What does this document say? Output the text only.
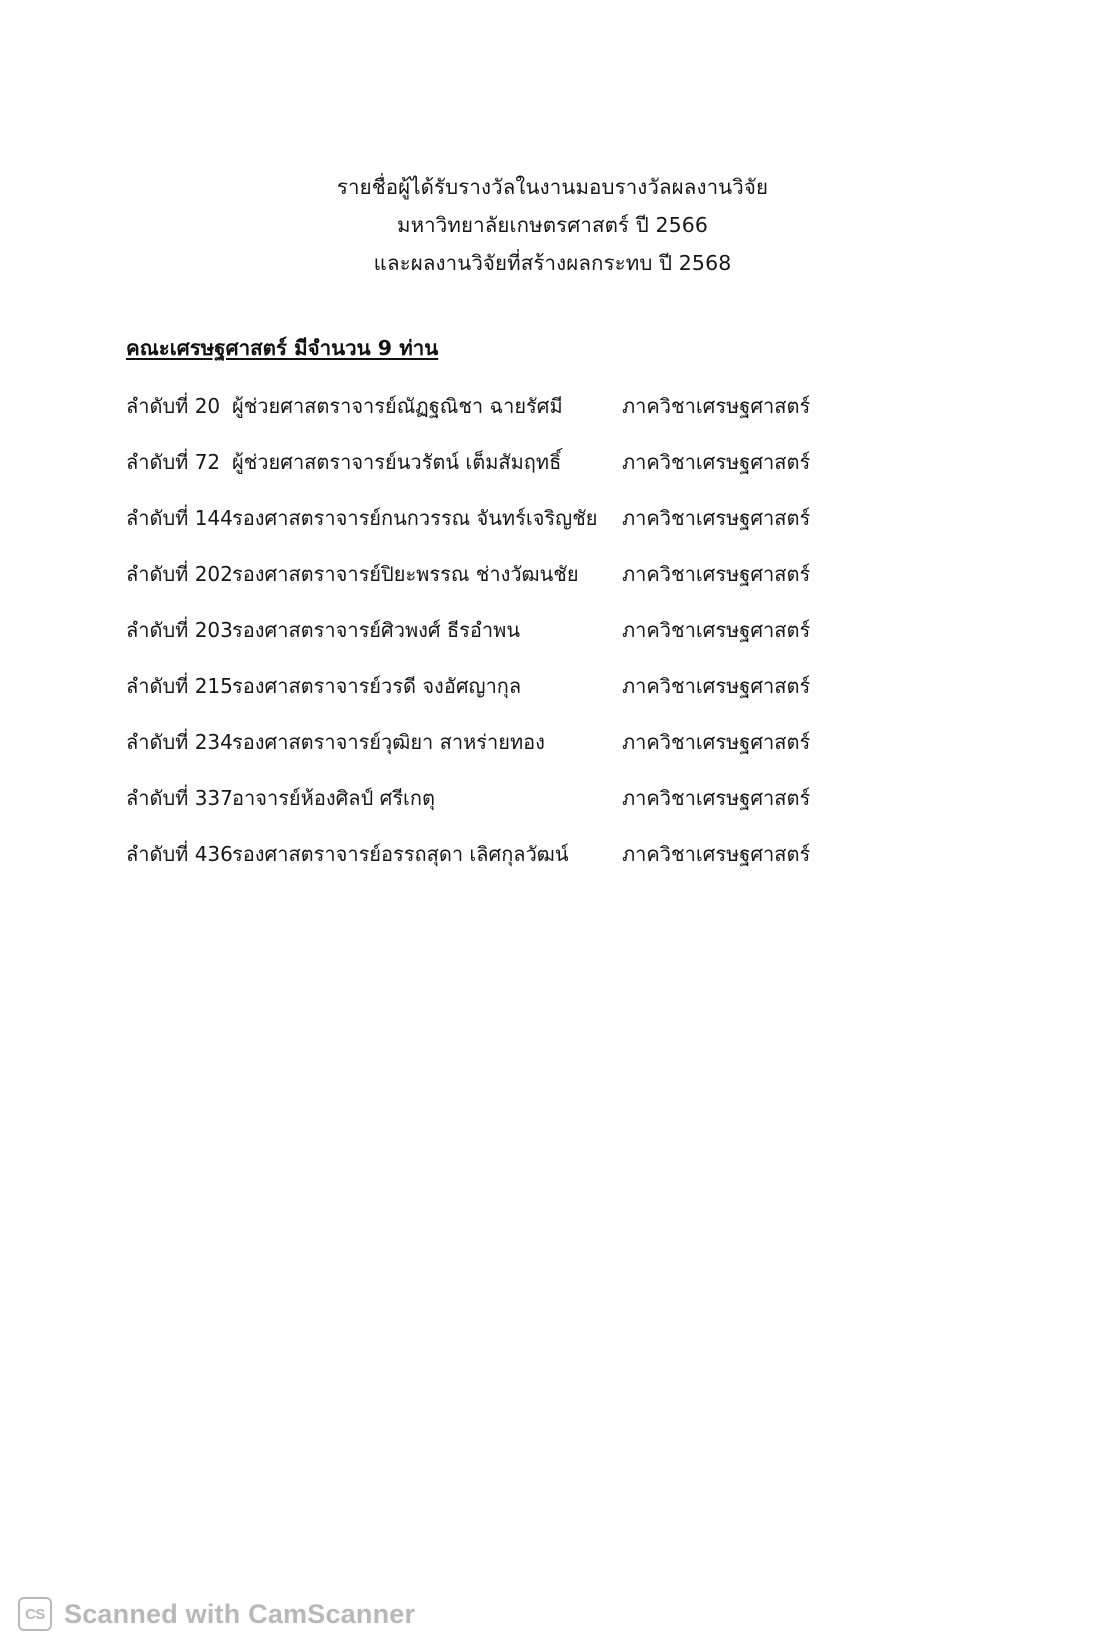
รายชื่อผู้ได้รับรางวัลในงานมอบรางวัลผลงานวิจัย
มหาวิทยาลัยเกษตรศาสตร์ ปี 2566
และผลงานวิจัยที่สร้างผลกระทบ ปี 2568
คณะเศรษฐศาสตร์ มีจำนวน 9 ท่าน
ลำดับที่ 20 ผู้ช่วยศาสตราจารย์ณัฏฐณิชา ฉายรัศมี	ภาควิชาเศรษฐศาสตร์
ลำดับที่ 72 ผู้ช่วยศาสตราจารย์นวรัตน์ เต็มสัมฤทธิ์	ภาควิชาเศรษฐศาสตร์
ลำดับที่ 144 รองศาสตราจารย์กนกวรรณ จันทร์เจริญชัย	ภาควิชาเศรษฐศาสตร์
ลำดับที่ 202 รองศาสตราจารย์ปิยะพรรณ ช่างวัฒนชัย	ภาควิชาเศรษฐศาสตร์
ลำดับที่ 203 รองศาสตราจารย์ศิวพงศ์ ธีรอำพน	ภาควิชาเศรษฐศาสตร์
ลำดับที่ 215 รองศาสตราจารย์วรดี จงอัศญากุล	ภาควิชาเศรษฐศาสตร์
ลำดับที่ 234 รองศาสตราจารย์วุฒิยา สาหร่ายทอง	ภาควิชาเศรษฐศาสตร์
ลำดับที่ 337 อาจารย์ห้องศิลป์ ศรีเกตุ	ภาควิชาเศรษฐศาสตร์
ลำดับที่ 436 รองศาสตราจารย์อรรถสุดา เลิศกุลวัฒน์	ภาควิชาเศรษฐศาสตร์
CS Scanned with CamScanner
